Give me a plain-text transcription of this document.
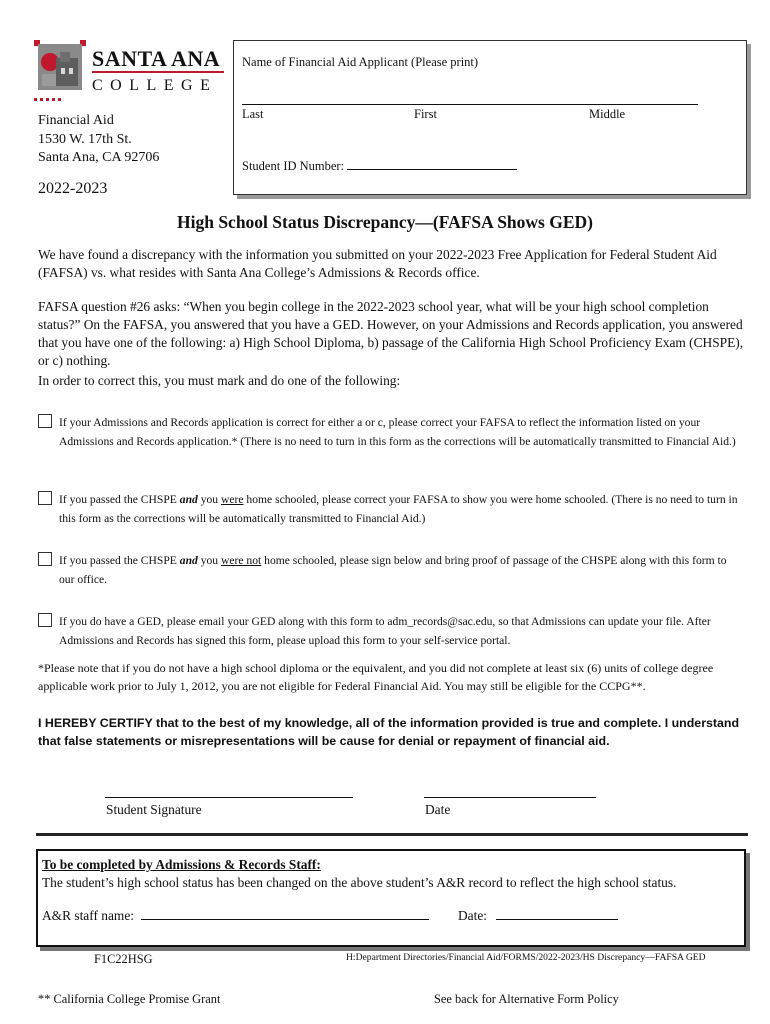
SANTA ANA
COLLEGE
Financial Aid
1530 W. 17th St.
Santa Ana, CA 92706
2022-2023
Name of Financial Aid Applicant (Please print)
Last	First	Middle
Student ID Number:
High School Status Discrepancy—(FAFSA Shows GED)

We have found a discrepancy with the information you submitted on your 2022-2023 Free Application for Federal Student Aid (FAFSA) vs. what resides with Santa Ana College’s Admissions & Records office.

FAFSA question #26 asks: “When you begin college in the 2022-2023 school year, what will be your high school completion status?” On the FAFSA, you answered that you have a GED. However, on your Admissions and Records application, you answered that you have one of the following: a) High School Diploma, b) passage of the California High School Proficiency Exam (CHSPE), or c) nothing.

In order to correct this, you must mark and do one of the following:

If your Admissions and Records application is correct for either a or c, please correct your FAFSA to reflect the information listed on your Admissions and Records application.* (There is no need to turn in this form as the corrections will be automatically transmitted to Financial Aid.)
If you passed the CHSPE and you were home schooled, please correct your FAFSA to show you were home schooled. (There is no need to turn in this form as the corrections will be automatically transmitted to Financial Aid.)
If you passed the CHSPE and you were not home schooled, please sign below and bring proof of passage of the CHSPE along with this form to our office.
If you do have a GED, please email your GED along with this form to adm_records@sac.edu, so that Admissions can update your file. After Admissions and Records has signed this form, please upload this form to your self-service portal.
*Please note that if you do not have a high school diploma or the equivalent, and you did not complete at least six (6) units of college degree applicable work prior to July 1, 2012, you are not eligible for Federal Financial Aid. You may still be eligible for the CCPG**.
I HEREBY CERTIFY that to the best of my knowledge, all of the information provided is true and complete. I understand that false statements or misrepresentations will be cause for denial or repayment of financial aid.
Student Signature	Date
To be completed by Admissions & Records Staff:
The student’s high school status has been changed on the above student’s A&R record to reflect the high school status.
A&R staff name:	Date:
F1C22HSG	H:Department Directories/Financial Aid/FORMS/2022-2023/HS Discrepancy—FAFSA GED
** California College Promise Grant	See back for Alternative Form Policy
